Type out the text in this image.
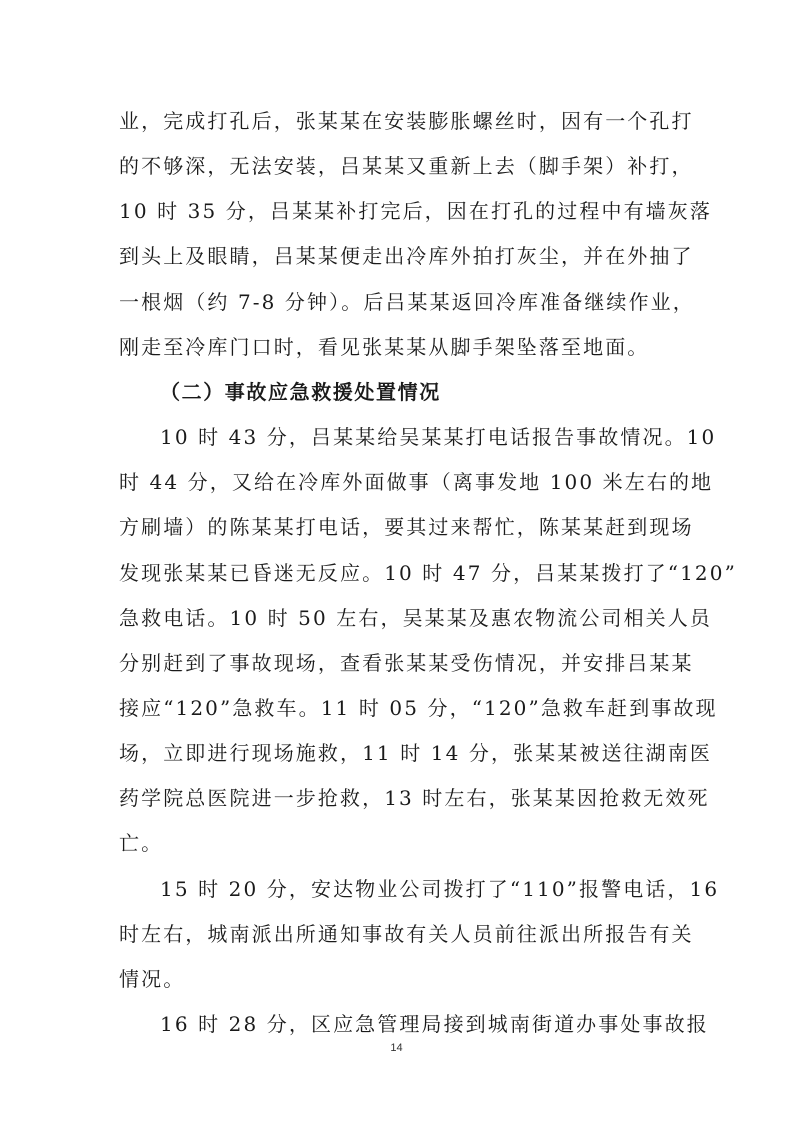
业，完成打孔后，张某某在安装膨胀螺丝时，因有一个孔打
的不够深，无法安装，吕某某又重新上去（脚手架）补打，
10 时 35 分，吕某某补打完后，因在打孔的过程中有墙灰落
到头上及眼睛，吕某某便走出冷库外拍打灰尘，并在外抽了
一根烟（约 7-8 分钟）。后吕某某返回冷库准备继续作业，
刚走至冷库门口时，看见张某某从脚手架坠落至地面。
（二）事故应急救援处置情况
10 时 43 分，吕某某给吴某某打电话报告事故情况。10
时 44 分，又给在冷库外面做事（离事发地 100 米左右的地
方刷墙）的陈某某打电话，要其过来帮忙，陈某某赶到现场
发现张某某已昏迷无反应。10 时 47 分，吕某某拨打了“120”
急救电话。10 时 50 左右，吴某某及惠农物流公司相关人员
分别赶到了事故现场，查看张某某受伤情况，并安排吕某某
接应“120”急救车。11 时 05 分，“120”急救车赶到事故现
场，立即进行现场施救，11 时 14 分，张某某被送往湖南医
药学院总医院进一步抢救，13 时左右，张某某因抢救无效死
亡。
15 时 20 分，安达物业公司拨打了“110”报警电话，16
时左右，城南派出所通知事故有关人员前往派出所报告有关
情况。
16 时 28 分，区应急管理局接到城南街道办事处事故报
14
